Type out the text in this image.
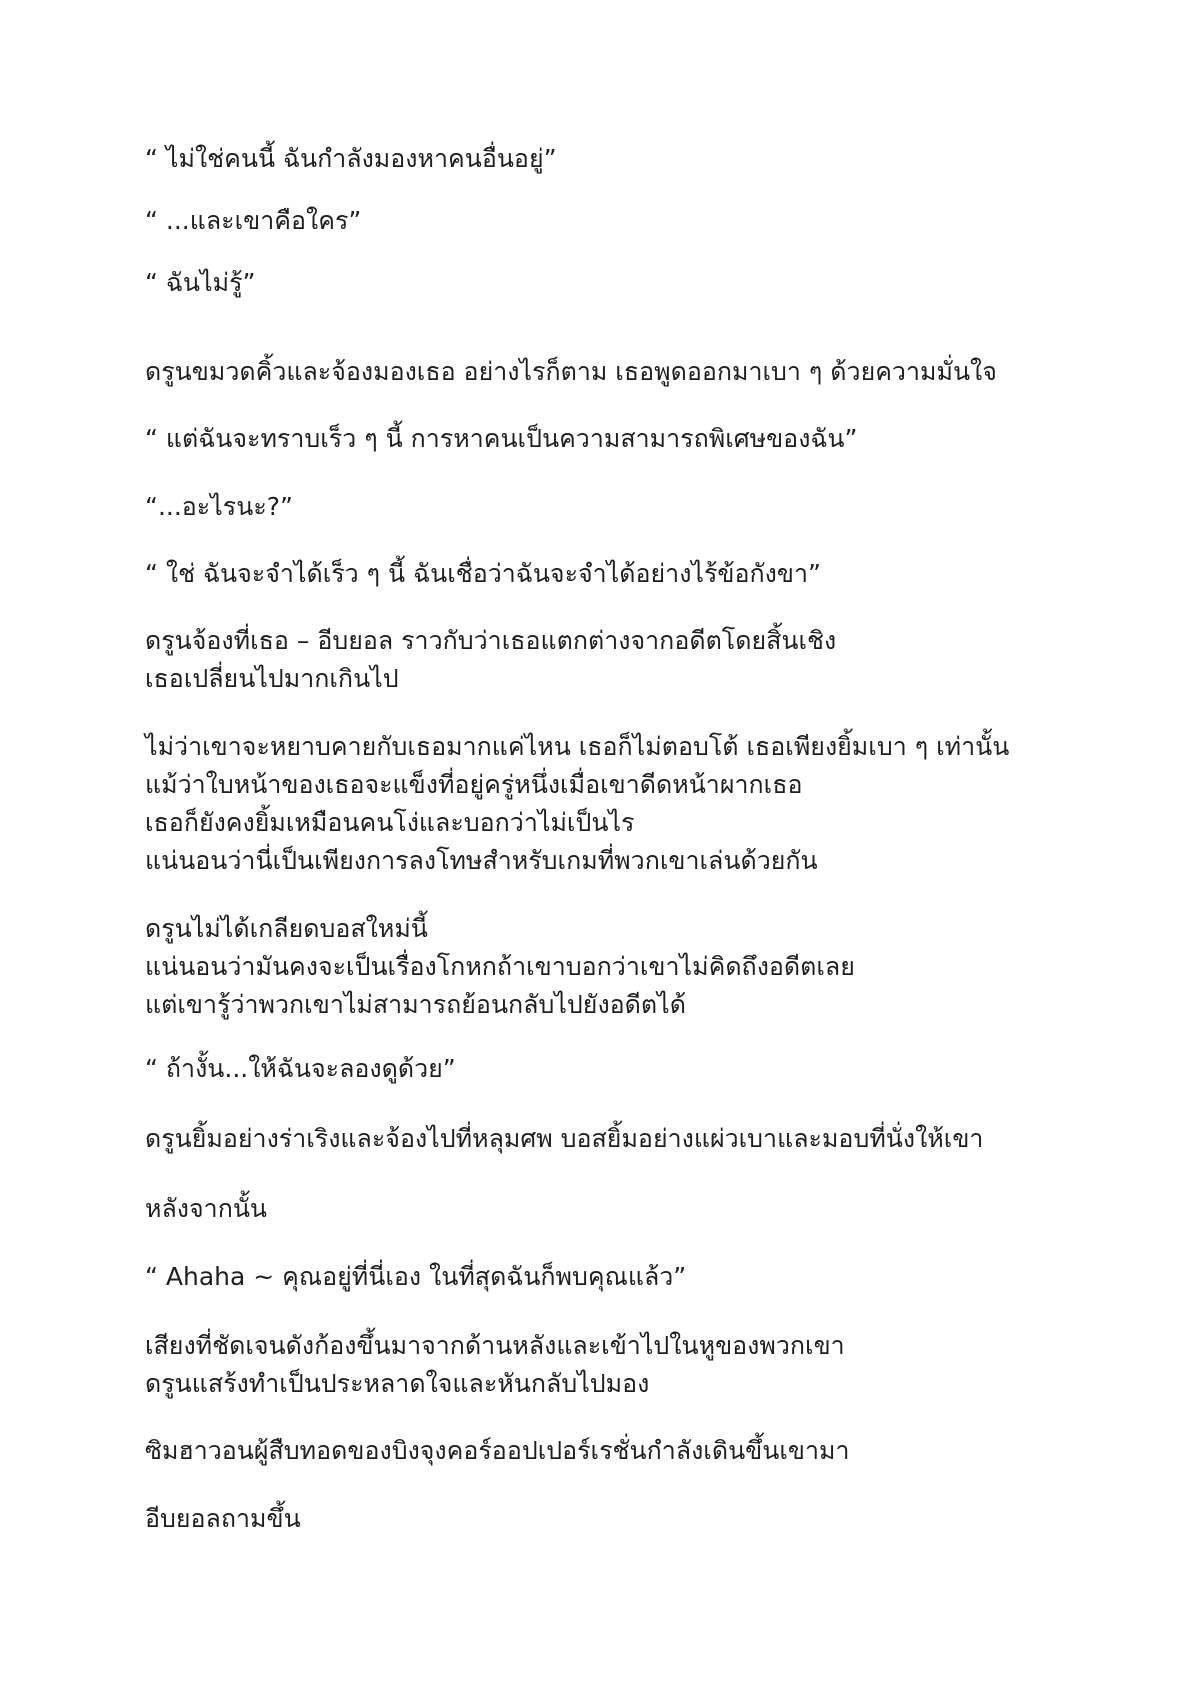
“ ไม่ใช่คนนี้ ฉันกำลังมองหาคนอื่นอยู่”
“ ...และเขาคือใคร”
“ ฉันไม่รู้”
ดรูนขมวดคิ้วและจ้องมองเธอ อย่างไรก็ตาม เธอพูดออกมาเบา ๆ ด้วยความมั่นใจ
“ แต่ฉันจะทราบเร็ว ๆ นี้ การหาคนเป็นความสามารถพิเศษของฉัน”
“...อะไรนะ?”
“ ใช่ ฉันจะจำได้เร็ว ๆ นี้ ฉันเชื่อว่าฉันจะจำได้อย่างไร้ข้อกังขา”
ดรูนจ้องที่เธอ – อีบยอล ราวกับว่าเธอแตกต่างจากอดีตโดยสิ้นเชิง
เธอเปลี่ยนไปมากเกินไป
ไม่ว่าเขาจะหยาบคายกับเธอมากแค่ไหน เธอก็ไม่ตอบโต้ เธอเพียงยิ้มเบา ๆ เท่านั้น
แม้ว่าใบหน้าของเธอจะแข็งที่อยู่ครู่หนึ่งเมื่อเขาดีดหน้าผากเธอ
เธอก็ยังคงยิ้มเหมือนคนโง่และบอกว่าไม่เป็นไร
แน่นอนว่านี่เป็นเพียงการลงโทษสำหรับเกมที่พวกเขาเล่นด้วยกัน
ดรูนไม่ได้เกลียดบอสใหม่นี้
แน่นอนว่ามันคงจะเป็นเรื่องโกหกถ้าเขาบอกว่าเขาไม่คิดถึงอดีตเลย
แต่เขารู้ว่าพวกเขาไม่สามารถย้อนกลับไปยังอดีตได้
“ ถ้างั้น...ให้ฉันจะลองดูด้วย”
ดรูนยิ้มอย่างร่าเริงและจ้องไปที่หลุมศพ บอสยิ้มอย่างแผ่วเบาและมอบที่นั่งให้เขา
หลังจากนั้น
“ Ahaha ~ คุณอยู่ที่นี่เอง ในที่สุดฉันก็พบคุณแล้ว”
เสียงที่ชัดเจนดังก้องขึ้นมาจากด้านหลังและเข้าไปในหูของพวกเขา
ดรูนแสร้งทำเป็นประหลาดใจและหันกลับไปมอง
ซิมฮาวอนผู้สืบทอดของบิงจุงคอร์ออปเปอร์เรชั่นกำลังเดินขึ้นเขามา
อีบยอลถามขึ้น
